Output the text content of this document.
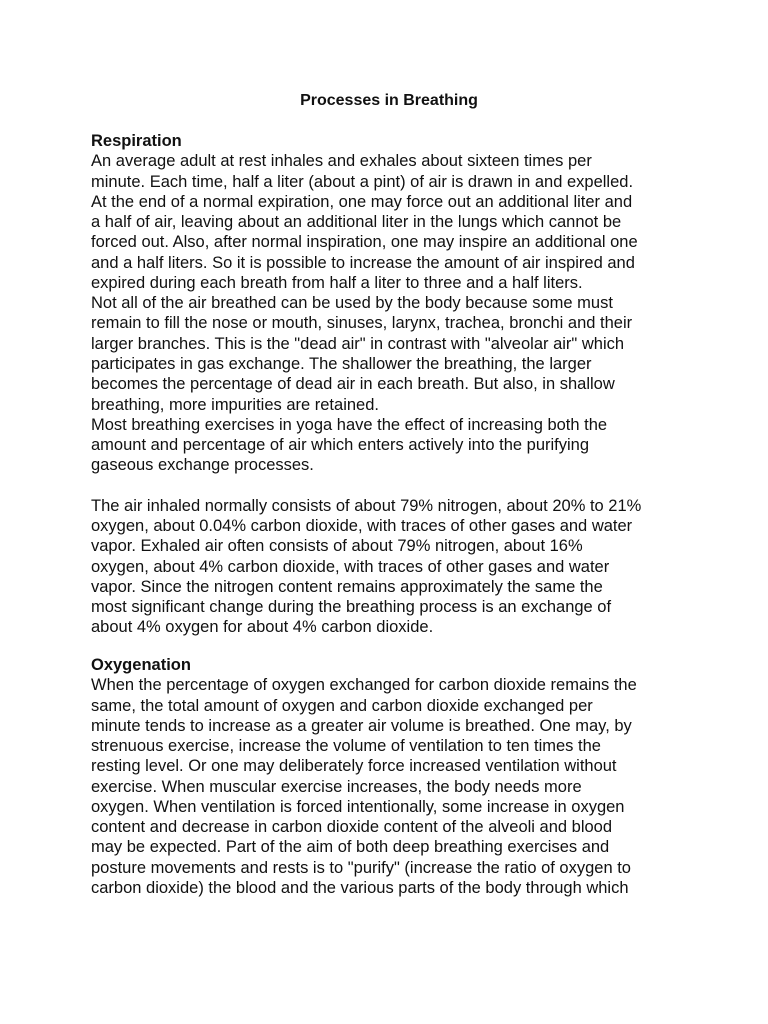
Processes in Breathing
Respiration
An average adult at rest inhales and exhales about sixteen times per
minute. Each time, half a liter (about a pint) of air is drawn in and expelled.
At the end of a normal expiration, one may force out an additional liter and
a half of air, leaving about an additional liter in the lungs which cannot be
forced out. Also, after normal inspiration, one may inspire an additional one
and a half liters. So it is possible to increase the amount of air inspired and
expired during each breath from half a liter to three and a half liters.
Not all of the air breathed can be used by the body because some must
remain to fill the nose or mouth, sinuses, larynx, trachea, bronchi and their
larger branches. This is the "dead air" in contrast with "alveolar air" which
participates in gas exchange. The shallower the breathing, the larger
becomes the percentage of dead air in each breath. But also, in shallow
breathing, more impurities are retained.
Most breathing exercises in yoga have the effect of increasing both the
amount and percentage of air which enters actively into the purifying
gaseous exchange processes.
The air inhaled normally consists of about 79% nitrogen, about 20% to 21%
oxygen, about 0.04% carbon dioxide, with traces of other gases and water
vapor. Exhaled air often consists of about 79% nitrogen, about 16%
oxygen, about 4% carbon dioxide, with traces of other gases and water
vapor. Since the nitrogen content remains approximately the same the
most significant change during the breathing process is an exchange of
about 4% oxygen for about 4% carbon dioxide.
Oxygenation
When the percentage of oxygen exchanged for carbon dioxide remains the
same, the total amount of oxygen and carbon dioxide exchanged per
minute tends to increase as a greater air volume is breathed. One may, by
strenuous exercise, increase the volume of ventilation to ten times the
resting level. Or one may deliberately force increased ventilation without
exercise. When muscular exercise increases, the body needs more
oxygen. When ventilation is forced intentionally, some increase in oxygen
content and decrease in carbon dioxide content of the alveoli and blood
may be expected. Part of the aim of both deep breathing exercises and
posture movements and rests is to "purify" (increase the ratio of oxygen to
carbon dioxide) the blood and the various parts of the body through which
